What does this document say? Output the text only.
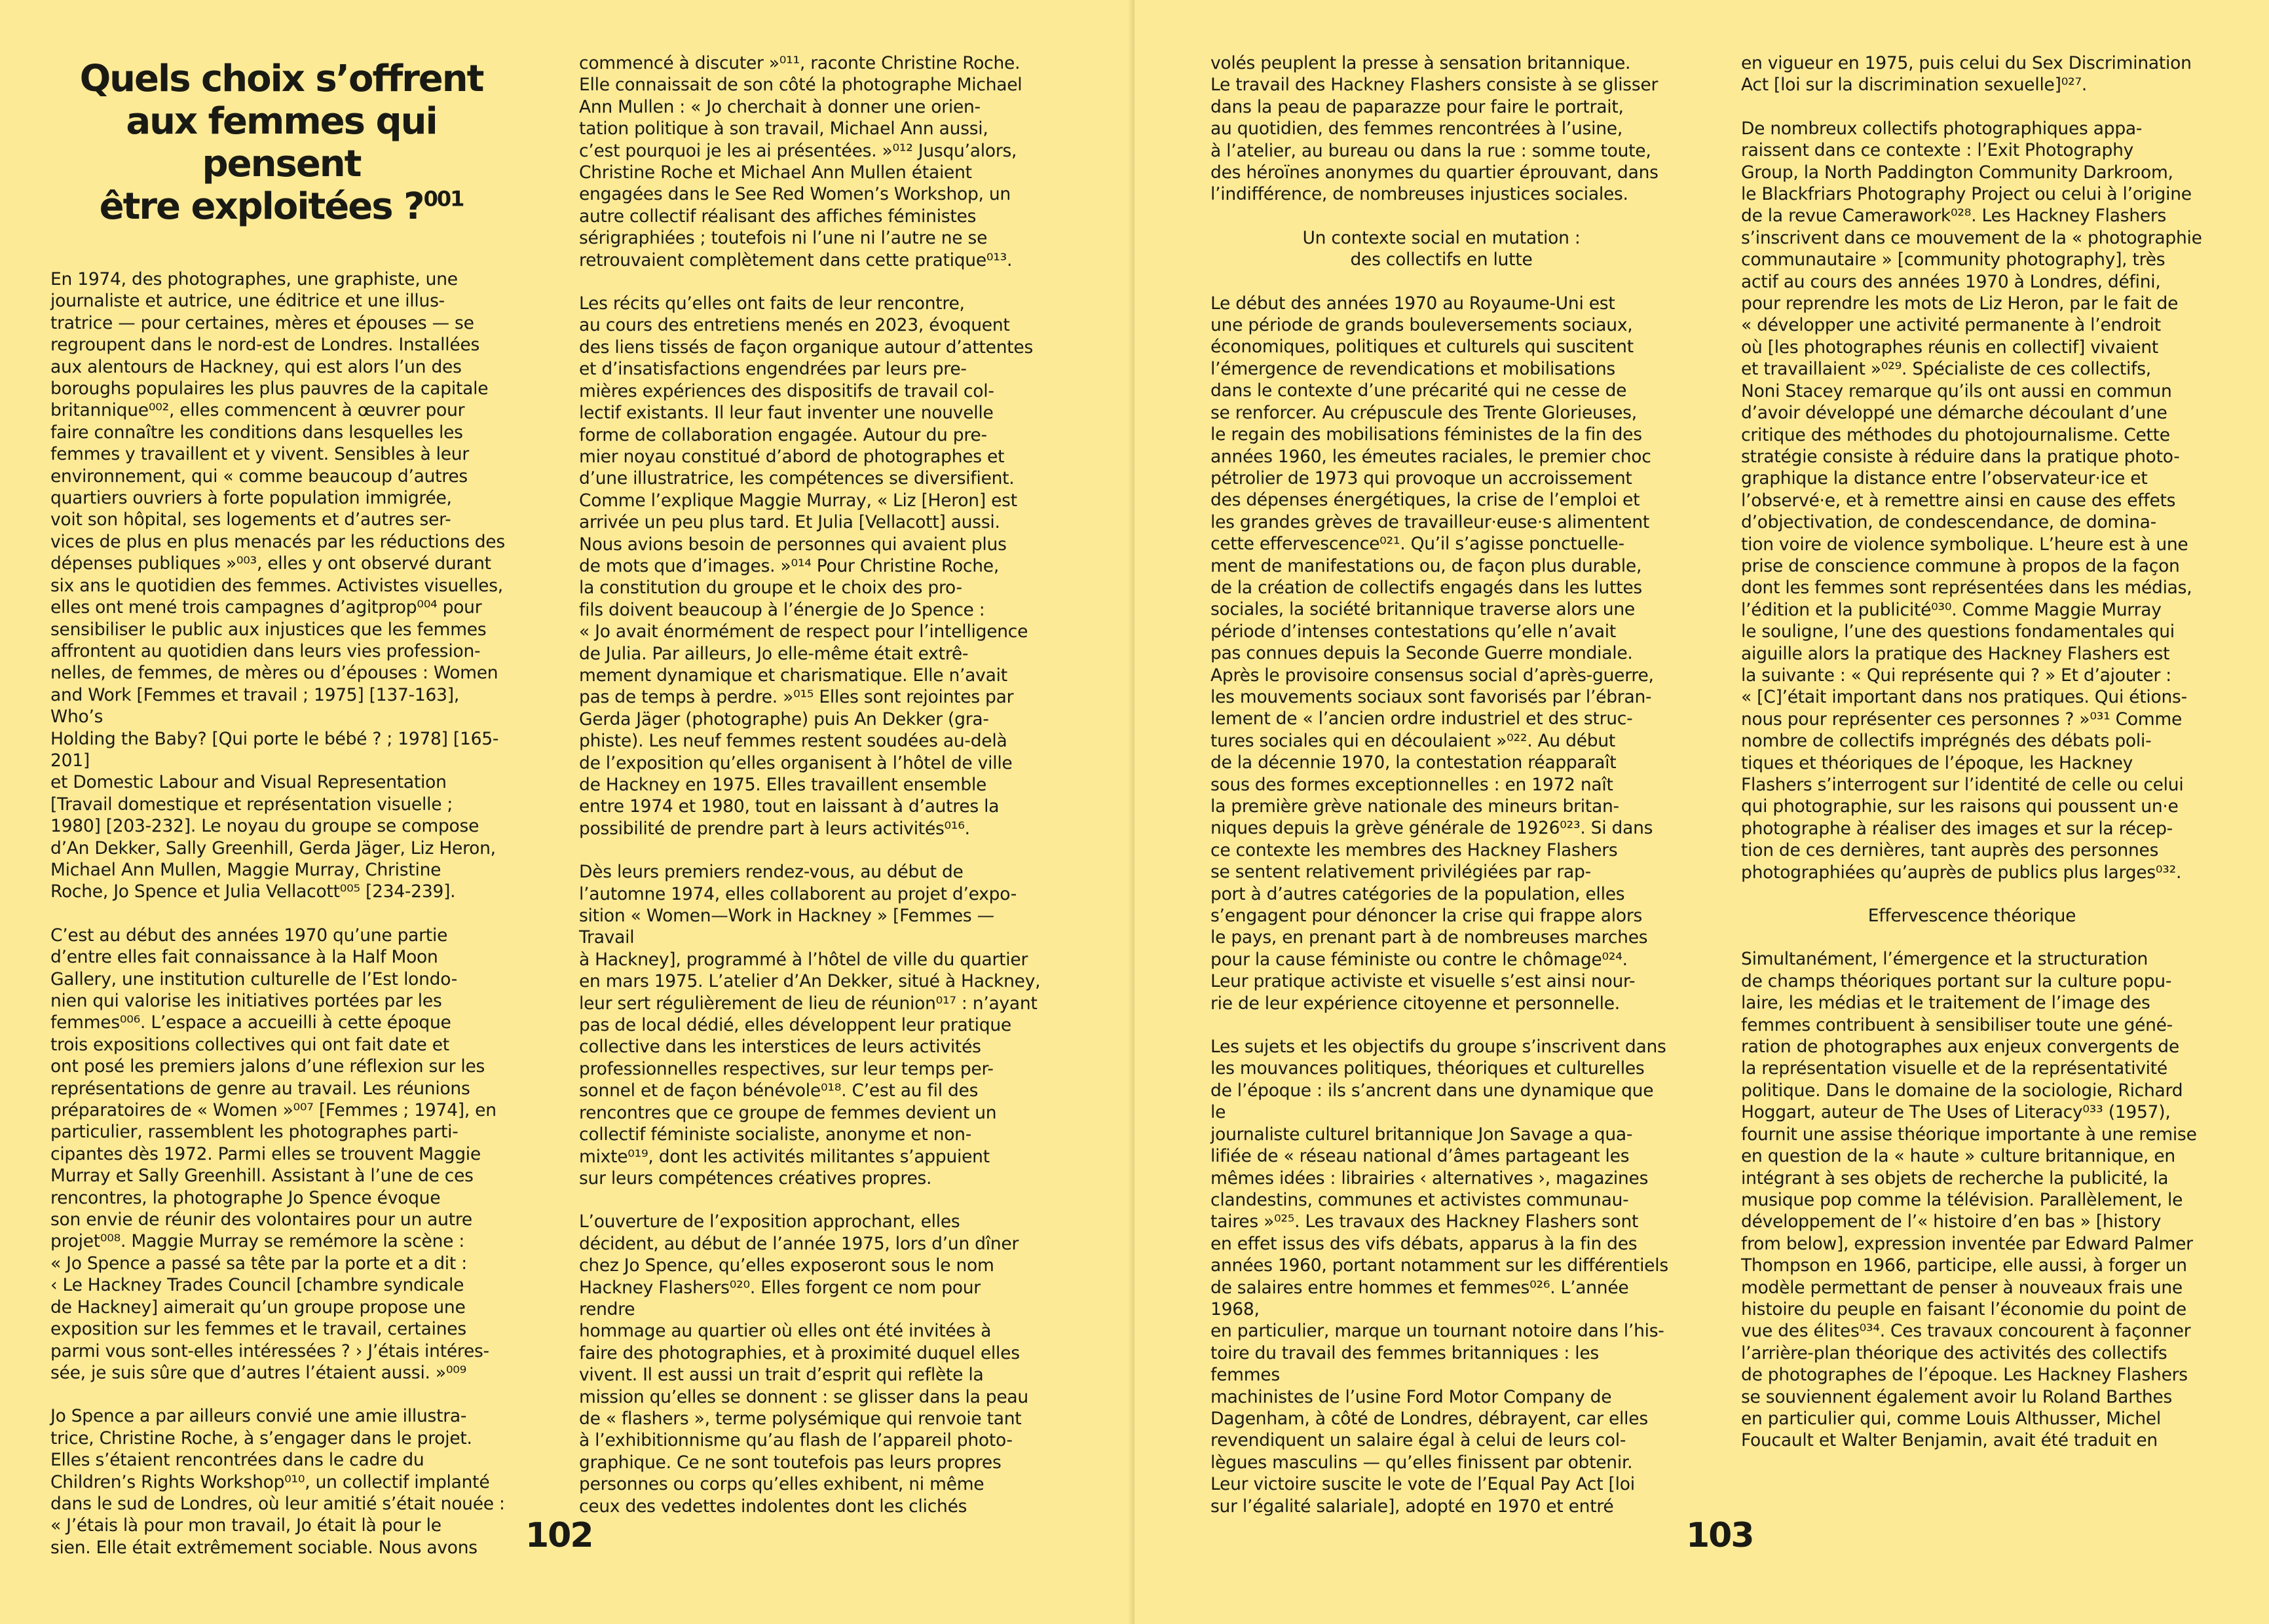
Quels choix s’offrent
aux femmes qui pensent
être exploitées ?$^{001}$

En 1974, des photographes, une graphiste, une
journaliste et autrice, une éditrice et une illus-
tratrice — pour certaines, mères et épouses — se
regroupent dans le nord-est de Londres. Installées
aux alentours de Hackney, qui est alors l’un des
boroughs populaires les plus pauvres de la capitale
britannique⁰⁰², elles commencent à œuvrer pour
faire connaître les conditions dans lesquelles les
femmes y travaillent et y vivent. Sensibles à leur
environnement, qui « comme beaucoup d’autres
quartiers ouvriers à forte population immigrée,
voit son hôpital, ses logements et d’autres ser-
vices de plus en plus menacés par les réductions des
dépenses publiques »⁰⁰³, elles y ont observé durant
six ans le quotidien des femmes. Activistes visuelles,
elles ont mené trois campagnes d’agitprop⁰⁰⁴ pour
sensibiliser le public aux injustices que les femmes
affrontent au quotidien dans leurs vies profession-
nelles, de femmes, de mères ou d’épouses : Women
and Work [Femmes et travail ; 1975] [137-163], Who’s
Holding the Baby? [Qui porte le bébé ? ; 1978] [165-201]
et Domestic Labour and Visual Representation
[Travail domestique et représentation visuelle ;
1980] [203-232]. Le noyau du groupe se compose
d’An Dekker, Sally Greenhill, Gerda Jäger, Liz Heron,
Michael Ann Mullen, Maggie Murray, Christine
Roche, Jo Spence et Julia Vellacott⁰⁰⁵ [234-239].

C’est au début des années 1970 qu’une partie
d’entre elles fait connaissance à la Half Moon
Gallery, une institution culturelle de l’Est londo-
nien qui valorise les initiatives portées par les
femmes⁰⁰⁶. L’espace a accueilli à cette époque
trois expositions collectives qui ont fait date et
ont posé les premiers jalons d’une réflexion sur les
représentations de genre au travail. Les réunions
préparatoires de « Women »⁰⁰⁷ [Femmes ; 1974], en
particulier, rassemblent les photographes parti-
cipantes dès 1972. Parmi elles se trouvent Maggie
Murray et Sally Greenhill. Assistant à l’une de ces
rencontres, la photographe Jo Spence évoque
son envie de réunir des volontaires pour un autre
projet⁰⁰⁸. Maggie Murray se remémore la scène :
« Jo Spence a passé sa tête par la porte et a dit :
‹ Le Hackney Trades Council [chambre syndicale
de Hackney] aimerait qu’un groupe propose une
exposition sur les femmes et le travail, certaines
parmi vous sont-elles intéressées ? › J’étais intéres-
sée, je suis sûre que d’autres l’étaient aussi. »⁰⁰⁹

Jo Spence a par ailleurs convié une amie illustra-
trice, Christine Roche, à s’engager dans le projet.
Elles s’étaient rencontrées dans le cadre du
Children’s Rights Workshop⁰¹⁰, un collectif implanté
dans le sud de Londres, où leur amitié s’était nouée :
« J’étais là pour mon travail, Jo était là pour le
sien. Elle était extrêmement sociable. Nous avons

commencé à discuter »⁰¹¹, raconte Christine Roche.
Elle connaissait de son côté la photographe Michael
Ann Mullen : « Jo cherchait à donner une orien-
tation politique à son travail, Michael Ann aussi,
c’est pourquoi je les ai présentées. »⁰¹² Jusqu’alors,
Christine Roche et Michael Ann Mullen étaient
engagées dans le See Red Women’s Workshop, un
autre collectif réalisant des affiches féministes
sérigraphiées ; toutefois ni l’une ni l’autre ne se
retrouvaient complètement dans cette pratique⁰¹³.

Les récits qu’elles ont faits de leur rencontre,
au cours des entretiens menés en 2023, évoquent
des liens tissés de façon organique autour d’attentes
et d’insatisfactions engendrées par leurs pre-
mières expériences des dispositifs de travail col-
lectif existants. Il leur faut inventer une nouvelle
forme de collaboration engagée. Autour du pre-
mier noyau constitué d’abord de photographes et
d’une illustratrice, les compétences se diversifient.
Comme l’explique Maggie Murray, « Liz [Heron] est
arrivée un peu plus tard. Et Julia [Vellacott] aussi.
Nous avions besoin de personnes qui avaient plus
de mots que d’images. »⁰¹⁴ Pour Christine Roche,
la constitution du groupe et le choix des pro-
fils doivent beaucoup à l’énergie de Jo Spence :
« Jo avait énormément de respect pour l’intelligence
de Julia. Par ailleurs, Jo elle-même était extrê-
mement dynamique et charismatique. Elle n’avait
pas de temps à perdre. »⁰¹⁵ Elles sont rejointes par
Gerda Jäger (photographe) puis An Dekker (gra-
phiste). Les neuf femmes restent soudées au-delà
de l’exposition qu’elles organisent à l’hôtel de ville
de Hackney en 1975. Elles travaillent ensemble
entre 1974 et 1980, tout en laissant à d’autres la
possibilité de prendre part à leurs activités⁰¹⁶.

Dès leurs premiers rendez-vous, au début de
l’automne 1974, elles collaborent au projet d’expo-
sition « Women—Work in Hackney » [Femmes — Travail
à Hackney], programmé à l’hôtel de ville du quartier
en mars 1975. L’atelier d’An Dekker, situé à Hackney,
leur sert régulièrement de lieu de réunion⁰¹⁷ : n’ayant
pas de local dédié, elles développent leur pratique
collective dans les interstices de leurs activités
professionnelles respectives, sur leur temps per-
sonnel et de façon bénévole⁰¹⁸. C’est au fil des
rencontres que ce groupe de femmes devient un
collectif féministe socialiste, anonyme et non-
mixte⁰¹⁹, dont les activités militantes s’appuient
sur leurs compétences créatives propres.

L’ouverture de l’exposition approchant, elles
décident, au début de l’année 1975, lors d’un dîner
chez Jo Spence, qu’elles exposeront sous le nom
Hackney Flashers⁰²⁰. Elles forgent ce nom pour rendre
hommage au quartier où elles ont été invitées à
faire des photographies, et à proximité duquel elles
vivent. Il est aussi un trait d’esprit qui reflète la
mission qu’elles se donnent : se glisser dans la peau
de « flashers », terme polysémique qui renvoie tant
à l’exhibitionnisme qu’au flash de l’appareil photo-
graphique. Ce ne sont toutefois pas leurs propres
personnes ou corps qu’elles exhibent, ni même
ceux des vedettes indolentes dont les clichés

102

volés peuplent la presse à sensation britannique.
Le travail des Hackney Flashers consiste à se glisser
dans la peau de paparazze pour faire le portrait,
au quotidien, des femmes rencontrées à l’usine,
à l’atelier, au bureau ou dans la rue : somme toute,
des héroïnes anonymes du quartier éprouvant, dans
l’indifférence, de nombreuses injustices sociales.

Un contexte social en mutation :
des collectifs en lutte

Le début des années 1970 au Royaume-Uni est
une période de grands bouleversements sociaux,
économiques, politiques et culturels qui suscitent
l’émergence de revendications et mobilisations
dans le contexte d’une précarité qui ne cesse de
se renforcer. Au crépuscule des Trente Glorieuses,
le regain des mobilisations féministes de la fin des
années 1960, les émeutes raciales, le premier choc
pétrolier de 1973 qui provoque un accroissement
des dépenses énergétiques, la crise de l’emploi et
les grandes grèves de travailleur·euse·s alimentent
cette effervescence⁰²¹. Qu’il s’agisse ponctuelle-
ment de manifestations ou, de façon plus durable,
de la création de collectifs engagés dans les luttes
sociales, la société britannique traverse alors une
période d’intenses contestations qu’elle n’avait
pas connues depuis la Seconde Guerre mondiale.
Après le provisoire consensus social d’après-guerre,
les mouvements sociaux sont favorisés par l’ébran-
lement de « l’ancien ordre industriel et des struc-
tures sociales qui en découlaient »⁰²². Au début
de la décennie 1970, la contestation réapparaît
sous des formes exceptionnelles : en 1972 naît
la première grève nationale des mineurs britan-
niques depuis la grève générale de 1926⁰²³. Si dans
ce contexte les membres des Hackney Flashers
se sentent relativement privilégiées par rap-
port à d’autres catégories de la population, elles
s’engagent pour dénoncer la crise qui frappe alors
le pays, en prenant part à de nombreuses marches
pour la cause féministe ou contre le chômage⁰²⁴.
Leur pratique activiste et visuelle s’est ainsi nour-
rie de leur expérience citoyenne et personnelle.

Les sujets et les objectifs du groupe s’inscrivent dans
les mouvances politiques, théoriques et culturelles
de l’époque : ils s’ancrent dans une dynamique que le
journaliste culturel britannique Jon Savage a qua-
lifiée de « réseau national d’âmes partageant les
mêmes idées : librairies ‹ alternatives ›, magazines
clandestins, communes et activistes communau-
taires »⁰²⁵. Les travaux des Hackney Flashers sont
en effet issus des vifs débats, apparus à la fin des
années 1960, portant notamment sur les différentiels
de salaires entre hommes et femmes⁰²⁶. L’année 1968,
en particulier, marque un tournant notoire dans l’his-
toire du travail des femmes britanniques : les femmes
machinistes de l’usine Ford Motor Company de
Dagenham, à côté de Londres, débrayent, car elles
revendiquent un salaire égal à celui de leurs col-
lègues masculins — qu’elles finissent par obtenir.
Leur victoire suscite le vote de l’Equal Pay Act [loi
sur l’égalité salariale], adopté en 1970 et entré

en vigueur en 1975, puis celui du Sex Discrimination
Act [loi sur la discrimination sexuelle]⁰²⁷.

De nombreux collectifs photographiques appa-
raissent dans ce contexte : l’Exit Photography
Group, la North Paddington Community Darkroom,
le Blackfriars Photography Project ou celui à l’origine
de la revue Camerawork⁰²⁸. Les Hackney Flashers
s’inscrivent dans ce mouvement de la « photographie
communautaire » [community photography], très
actif au cours des années 1970 à Londres, défini,
pour reprendre les mots de Liz Heron, par le fait de
« développer une activité permanente à l’endroit
où [les photographes réunis en collectif] vivaient
et travaillaient »⁰²⁹. Spécialiste de ces collectifs,
Noni Stacey remarque qu’ils ont aussi en commun
d’avoir développé une démarche découlant d’une
critique des méthodes du photojournalisme. Cette
stratégie consiste à réduire dans la pratique photo-
graphique la distance entre l’observateur·ice et
l’observé·e, et à remettre ainsi en cause des effets
d’objectivation, de condescendance, de domina-
tion voire de violence symbolique. L’heure est à une
prise de conscience commune à propos de la façon
dont les femmes sont représentées dans les médias,
l’édition et la publicité⁰³⁰. Comme Maggie Murray
le souligne, l’une des questions fondamentales qui
aiguille alors la pratique des Hackney Flashers est
la suivante : « Qui représente qui ? » Et d’ajouter :
« [C]’était important dans nos pratiques. Qui étions-
nous pour représenter ces personnes ? »⁰³¹ Comme
nombre de collectifs imprégnés des débats poli-
tiques et théoriques de l’époque, les Hackney
Flashers s’interrogent sur l’identité de celle ou celui
qui photographie, sur les raisons qui poussent un·e
photographe à réaliser des images et sur la récep-
tion de ces dernières, tant auprès des personnes
photographiées qu’auprès de publics plus larges⁰³².

Effervescence théorique

Simultanément, l’émergence et la structuration
de champs théoriques portant sur la culture popu-
laire, les médias et le traitement de l’image des
femmes contribuent à sensibiliser toute une géné-
ration de photographes aux enjeux convergents de
la représentation visuelle et de la représentativité
politique. Dans le domaine de la sociologie, Richard
Hoggart, auteur de The Uses of Literacy⁰³³ (1957),
fournit une assise théorique importante à une remise
en question de la « haute » culture britannique, en
intégrant à ses objets de recherche la publicité, la
musique pop comme la télévision. Parallèlement, le
développement de l’« histoire d’en bas » [history
from below], expression inventée par Edward Palmer
Thompson en 1966, participe, elle aussi, à forger un
modèle permettant de penser à nouveaux frais une
histoire du peuple en faisant l’économie du point de
vue des élites⁰³⁴. Ces travaux concourent à façonner
l’arrière-plan théorique des activités des collectifs
de photographes de l’époque. Les Hackney Flashers
se souviennent également avoir lu Roland Barthes
en particulier qui, comme Louis Althusser, Michel
Foucault et Walter Benjamin, avait été traduit en

103
